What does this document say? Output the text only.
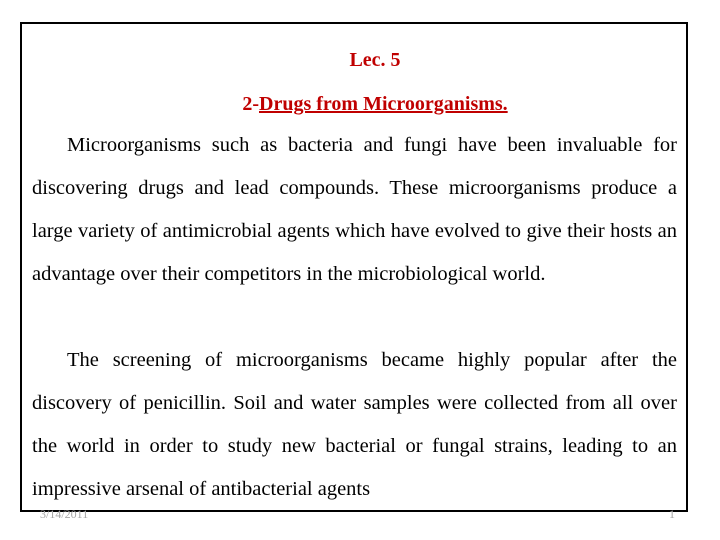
Lec. 5
2-Drugs from Microorganisms.
Microorganisms such as bacteria and fungi have been invaluable for discovering drugs and lead compounds. These microorganisms produce a large variety of antimicrobial agents which have evolved to give their hosts an advantage over their competitors in the microbiological world.
The screening of microorganisms became highly popular after the discovery of penicillin. Soil and water samples were collected from all over the world in order to study new bacterial or fungal strains, leading to an impressive arsenal of antibacterial agents
3/14/2011	1
